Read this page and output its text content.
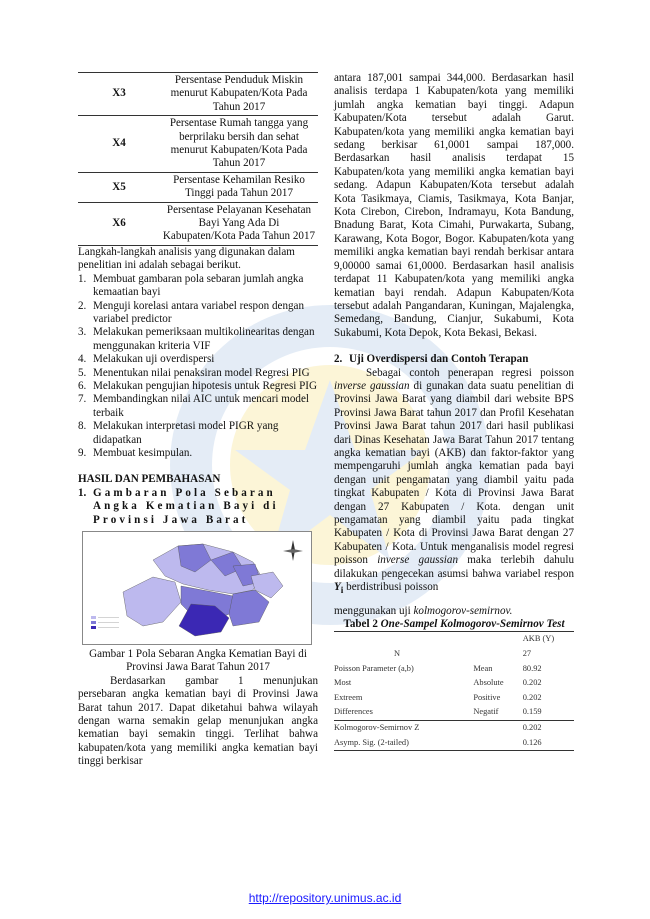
X3	Persentase Penduduk Miskin menurut Kabupaten/Kota Pada Tahun 2017
X4	Persentase Rumah tangga yang berprilaku bersih dan sehat menurut Kabupaten/Kota Pada Tahun 2017
X5	Persentase Kehamilan Resiko Tinggi pada Tahun 2017
X6	Persentase Pelayanan Kesehatan Bayi Yang Ada Di Kabupaten/Kota Pada Tahun 2017

Langkah-langkah analisis yang digunakan dalam penelitian ini adalah sebagai berikut.

1. Membuat gambaran pola sebaran jumlah angka kemaatian bayi
2. Menguji korelasi antara variabel respon dengan variabel predictor
3. Melakukan pemeriksaan multikolinearitas dengan menggunakan kriteria VIF
4. Melakukan uji overdispersi
5. Menentukan nilai penaksiran model Regresi PIG
6. Melakukan pengujian hipotesis untuk Regresi PIG
7. Membandingkan nilai AIC untuk mencari model terbaik
8. Melakukan interpretasi model PIGR yang didapatkan
9. Membuat kesimpulan.
HASIL DAN PEMBAHASAN
1. Gambaran Pola Sebaran Angka Kematian Bayi di Provinsi Jawa Barat

Gambar 1 Pola Sebaran Angka Kematian Bayi di Provinsi Jawa Barat Tahun 2017

Berdasarkan gambar 1 menunjukan persebaran angka kematian bayi di Provinsi Jawa Barat tahun 2017. Dapat diketahui bahwa wilayah dengan warna semakin gelap menunjukan angka kematian bayi semakin tinggi. Terlihat bahwa kabupaten/kota yang memiliki angka kematian bayi tinggi berkisar

antara 187,001 sampai 344,000. Berdasarkan hasil analisis terdapa 1 Kabupaten/kota yang memiliki jumlah angka kematian bayi tinggi. Adapun Kabupaten/Kota tersebut adalah Garut. Kabupaten/kota yang memiliki angka kematian bayi sedang berkisar 61,0001 sampai 187,000. Berdasarkan hasil analisis terdapat 15 Kabupaten/kota yang memiliki angka kematian bayi sedang. Adapun Kabupaten/Kota tersebut adalah Kota Tasikmaya, Ciamis, Tasikmaya, Kota Banjar, Kota Cirebon, Cirebon, Indramayu, Kota Bandung, Bnadung Barat, Kota Cimahi, Purwakarta, Subang, Karawang, Kota Bogor, Bogor. Kabupaten/kota yang memiliki angka kematian bayi rendah berkisar antara 9,00000 samai 61,0000. Berdasarkan hasil analisis terdapat 11 Kabupaten/kota yang memiliki angka kematian bayi rendah. Adapun Kabupaten/Kota tersebut adalah Pangandaran, Kuningan, Majalengka, Semedang, Bandung, Cianjur, Sukabumi, Kota Sukabumi, Kota Depok, Kota Bekasi, Bekasi.

2. Uji Overdispersi dan Contoh Terapan

Sebagai contoh penerapan regresi poisson inverse gaussian di gunakan data suatu penelitian di Provinsi Jawa Barat yang diambil dari website BPS Provinsi Jawa Barat tahun 2017 dan Profil Kesehatan Provinsi Jawa Barat tahun 2017 dari hasil publikasi dari Dinas Kesehatan Jawa Barat Tahun 2017 tentang angka kematian bayi (AKB) dan faktor-faktor yang mempengaruhi jumlah angka kematian pada bayi dengan unit pengamatan yang diambil yaitu pada tingkat Kabupaten / Kota di Provinsi Jawa Barat dengan 27 Kabupaten / Kota. dengan unit pengamatan yang diambil yaitu pada tingkat Kabupaten / Kota di Provinsi Jawa Barat dengan 27 Kabupaten / Kota. Untuk menganalisis model regresi poisson inverse gaussian maka terlebih dahulu dilakukan pengecekan asumsi bahwa variabel respon $Y_i$ berdistribusi poisson

menggunakan uji kolmogorov-semirnov.

Tabel 2 One-Sampel Kolmogorov-Semirnov Test

		AKB (Y)
N		27
Poisson Parameter (a,b)	Mean	80.92
Most	Absolute	0.202
Extreem	Positive	0.202
Differences	Negatif	0.159
Kolmogorov-Semirnov Z		0.202
Asymp. Sig. (2-tailed)		0.126
http://repository.unimus.ac.id
